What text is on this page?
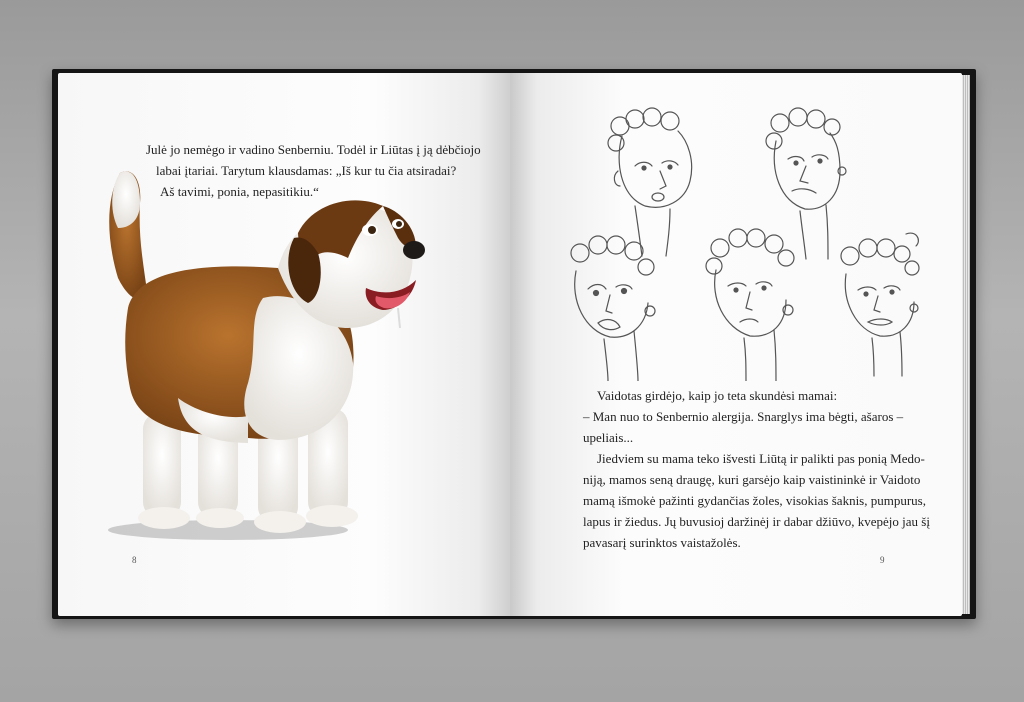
Julė jo nemėgo ir vadino Senberniu. Todėl ir Liūtas į ją dėbčiojo

labai įtariai. Tarytum klausdamas: „Iš kur tu čia atsiradai?

Aš tavimi, ponia, nepasitikiu.“

8

Vaidotas girdėjo, kaip jo teta skundėsi mamai:

– Man nuo to Senbernio alergija. Snarglys ima bėgti, ašaros –

upeliais...

Jiedviem su mama teko išvesti Liūtą ir palikti pas ponią Medo-

niją, mamos seną draugę, kuri garsėjo kaip vaistininkė ir Vaidoto

mamą išmokė pažinti gydančias žoles, visokias šaknis, pumpurus,

lapus ir žiedus. Jų buvusioj daržinėj ir dabar džiūvo, kvepėjo jau šį

pavasarį surinktos vaistažolės.

9
